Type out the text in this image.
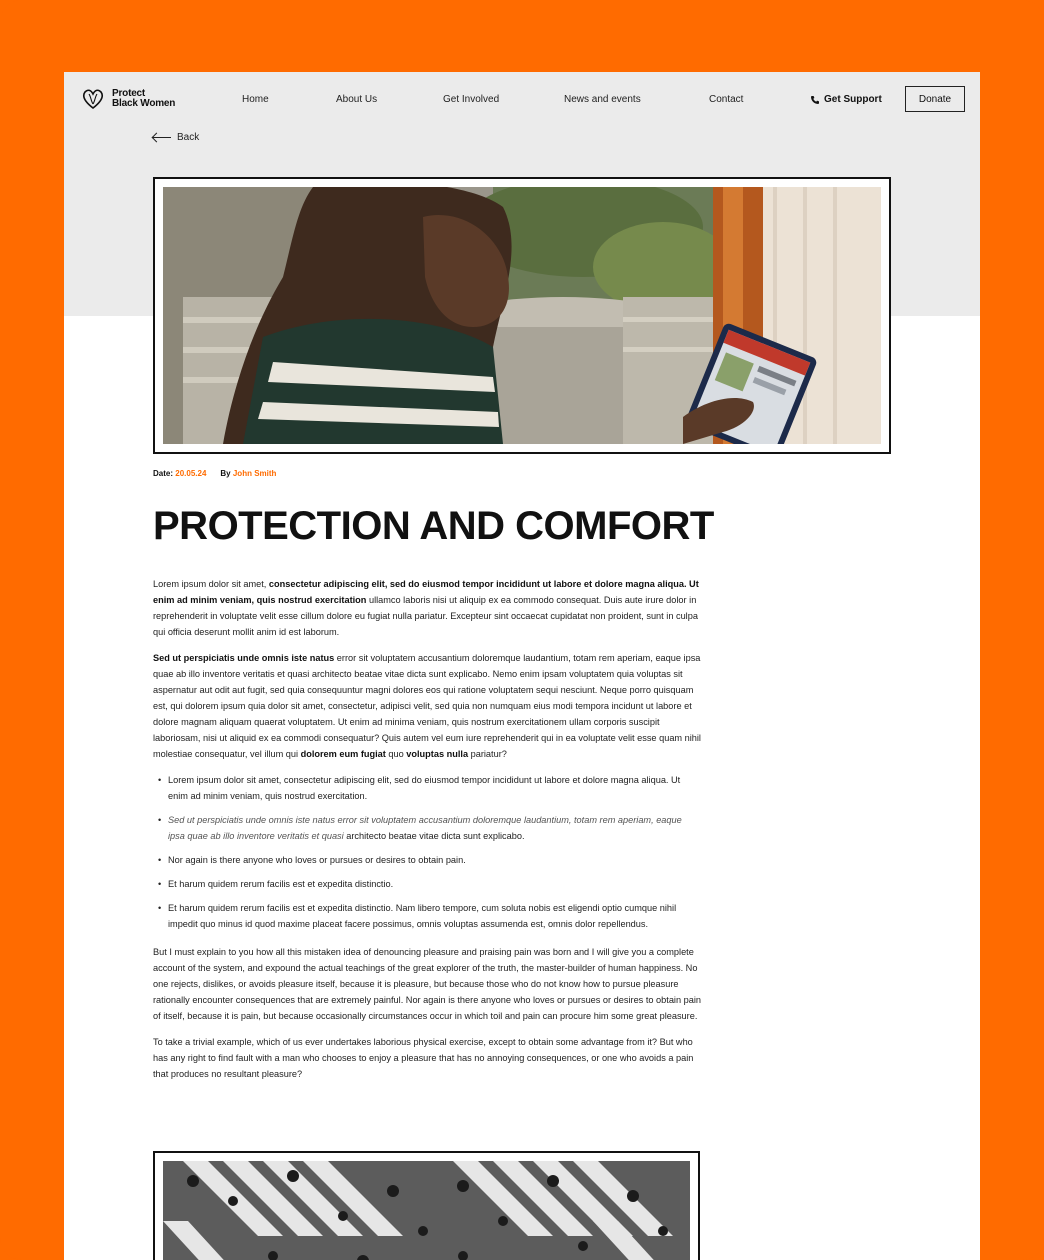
Protect
Black Women	Home	About Us	Get Involved	News and events	Contact	Get Support	Donate
Back
Date: 20.05.24 By John Smith
PROTECTION AND COMFORT

Lorem ipsum dolor sit amet, consectetur adipiscing elit, sed do eiusmod tempor incididunt ut labore et dolore magna aliqua. Ut enim ad minim veniam, quis nostrud exercitation ullamco laboris nisi ut aliquip ex ea commodo consequat. Duis aute irure dolor in reprehenderit in voluptate velit esse cillum dolore eu fugiat nulla pariatur. Excepteur sint occaecat cupidatat non proident, sunt in culpa qui officia deserunt mollit anim id est laborum.

Sed ut perspiciatis unde omnis iste natus error sit voluptatem accusantium doloremque laudantium, totam rem aperiam, eaque ipsa quae ab illo inventore veritatis et quasi architecto beatae vitae dicta sunt explicabo. Nemo enim ipsam voluptatem quia voluptas sit aspernatur aut odit aut fugit, sed quia consequuntur magni dolores eos qui ratione voluptatem sequi nesciunt. Neque porro quisquam est, qui dolorem ipsum quia dolor sit amet, consectetur, adipisci velit, sed quia non numquam eius modi tempora incidunt ut labore et dolore magnam aliquam quaerat voluptatem. Ut enim ad minima veniam, quis nostrum exercitationem ullam corporis suscipit laboriosam, nisi ut aliquid ex ea commodi consequatur? Quis autem vel eum iure reprehenderit qui in ea voluptate velit esse quam nihil molestiae consequatur, vel illum qui dolorem eum fugiat quo voluptas nulla pariatur?

• Lorem ipsum dolor sit amet, consectetur adipiscing elit, sed do eiusmod tempor incididunt ut labore et dolore magna aliqua. Ut enim ad minim veniam, quis nostrud exercitation.
• Sed ut perspiciatis unde omnis iste natus error sit voluptatem accusantium doloremque laudantium, totam rem aperiam, eaque ipsa quae ab illo inventore veritatis et quasi architecto beatae vitae dicta sunt explicabo.
• Nor again is there anyone who loves or pursues or desires to obtain pain.
• Et harum quidem rerum facilis est et expedita distinctio.
• Et harum quidem rerum facilis est et expedita distinctio. Nam libero tempore, cum soluta nobis est eligendi optio cumque nihil impedit quo minus id quod maxime placeat facere possimus, omnis voluptas assumenda est, omnis dolor repellendus.

But I must explain to you how all this mistaken idea of denouncing pleasure and praising pain was born and I will give you a complete account of the system, and expound the actual teachings of the great explorer of the truth, the master-builder of human happiness. No one rejects, dislikes, or avoids pleasure itself, because it is pleasure, but because those who do not know how to pursue pleasure rationally encounter consequences that are extremely painful. Nor again is there anyone who loves or pursues or desires to obtain pain of itself, because it is pain, but because occasionally circumstances occur in which toil and pain can procure him some great pleasure.

To take a trivial example, which of us ever undertakes laborious physical exercise, except to obtain some advantage from it? But who has any right to find fault with a man who chooses to enjoy a pleasure that has no annoying consequences, or one who avoids a pain that produces no resultant pleasure?
